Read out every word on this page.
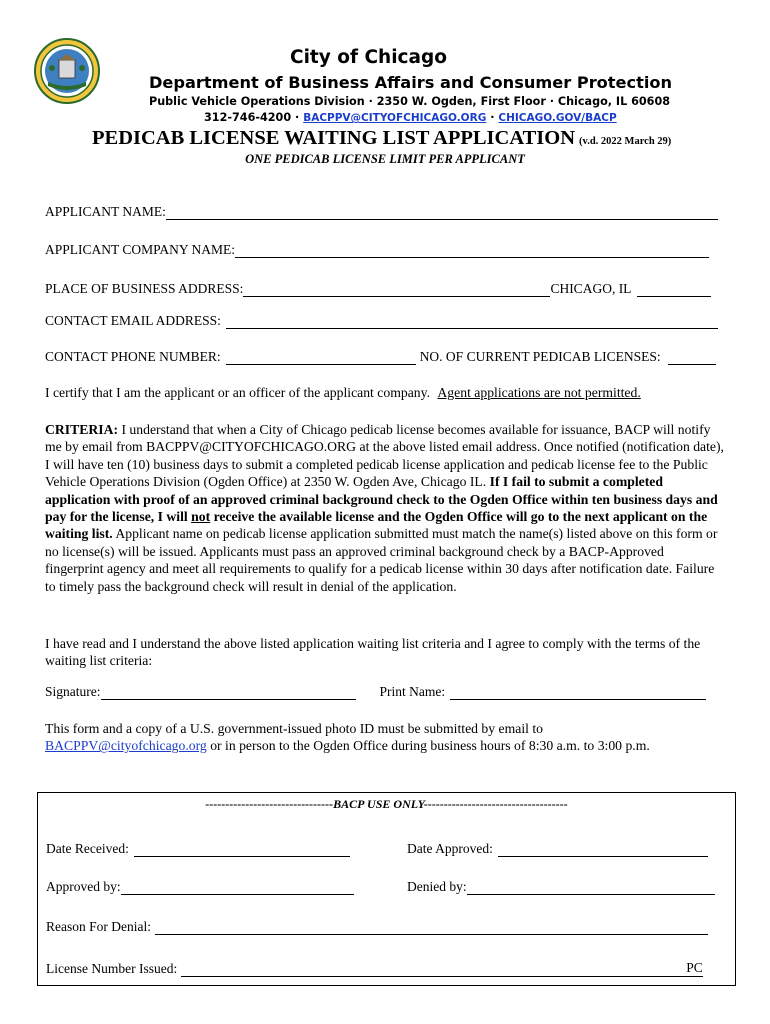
City of Chicago
Department of Business Affairs and Consumer Protection
Public Vehicle Operations Division · 2350 W. Ogden, First Floor · Chicago, IL 60608
312-746-4200 · BACPPV@CITYOFCHICAGO.ORG · CHICAGO.GOV/BACP
PEDICAB LICENSE WAITING LIST APPLICATION (v.d. 2022 March 29)
ONE PEDICAB LICENSE LIMIT PER APPLICANT
APPLICANT NAME:
APPLICANT COMPANY NAME:
PLACE OF BUSINESS ADDRESS:	CHICAGO, IL
CONTACT EMAIL ADDRESS:
CONTACT PHONE NUMBER:	NO. OF CURRENT PEDICAB LICENSES:
I certify that I am the applicant or an officer of the applicant company. Agent applications are not permitted.
CRITERIA: I understand that when a City of Chicago pedicab license becomes available for issuance, BACP will notify me by email from BACPPV@CITYOFCHICAGO.ORG at the above listed email address. Once notified (notification date), I will have ten (10) business days to submit a completed pedicab license application and pedicab license fee to the Public Vehicle Operations Division (Ogden Office) at 2350 W. Ogden Ave, Chicago IL. If I fail to submit a completed application with proof of an approved criminal background check to the Ogden Office within ten business days and pay for the license, I will not receive the available license and the Ogden Office will go to the next applicant on the waiting list. Applicant name on pedicab license application submitted must match the name(s) listed above on this form or no license(s) will be issued. Applicants must pass an approved criminal background check by a BACP-Approved fingerprint agency and meet all requirements to qualify for a pedicab license within 30 days after notification date. Failure to timely pass the background check will result in denial of the application.
I have read and I understand the above listed application waiting list criteria and I agree to comply with the terms of the waiting list criteria:
Signature:	Print Name:
This form and a copy of a U.S. government-issued photo ID must be submitted by email to
BACPPV@cityofchicago.org or in person to the Ogden Office during business hours of 8:30 a.m. to 3:00 p.m.
--------------------------------BACP USE ONLY------------------------------------
Date Received:	Date Approved:
Approved by:	Denied by:
Reason For Denial:
License Number Issued:	PC
